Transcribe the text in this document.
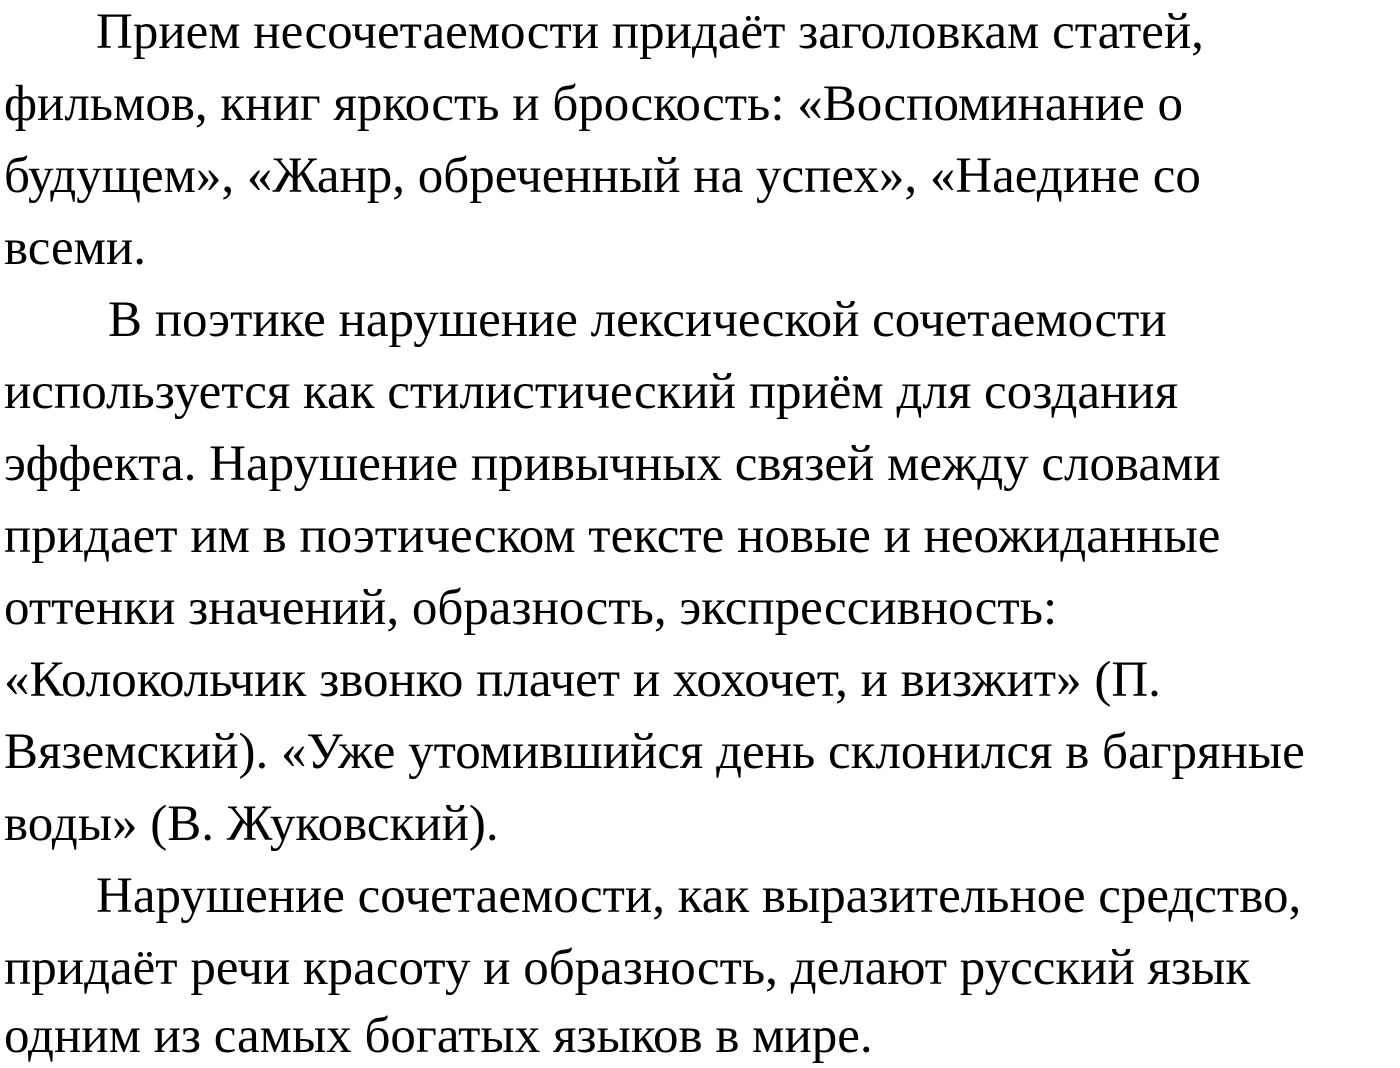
Прием несочетаемости придаёт заголовкам статей,

фильмов, книг яркость и броскость: «Воспоминание о

будущем», «Жанр, обреченный на успех», «Наедине со

всеми.

В поэтике нарушение лексической сочетаемости

используется как стилистический приём для создания

эффекта. Нарушение привычных связей между словами

придает им в поэтическом тексте новые и неожиданные

оттенки значений, образность, экспрессивность:

«Колокольчик звонко плачет и хохочет, и визжит» (П.

Вяземский). «Уже утомившийся день склонился в багряные

воды» (В. Жуковский).

Нарушение сочетаемости, как выразительное средство,

придаёт речи красоту и образность, делают русский язык

одним из самых богатых языков в мире.
